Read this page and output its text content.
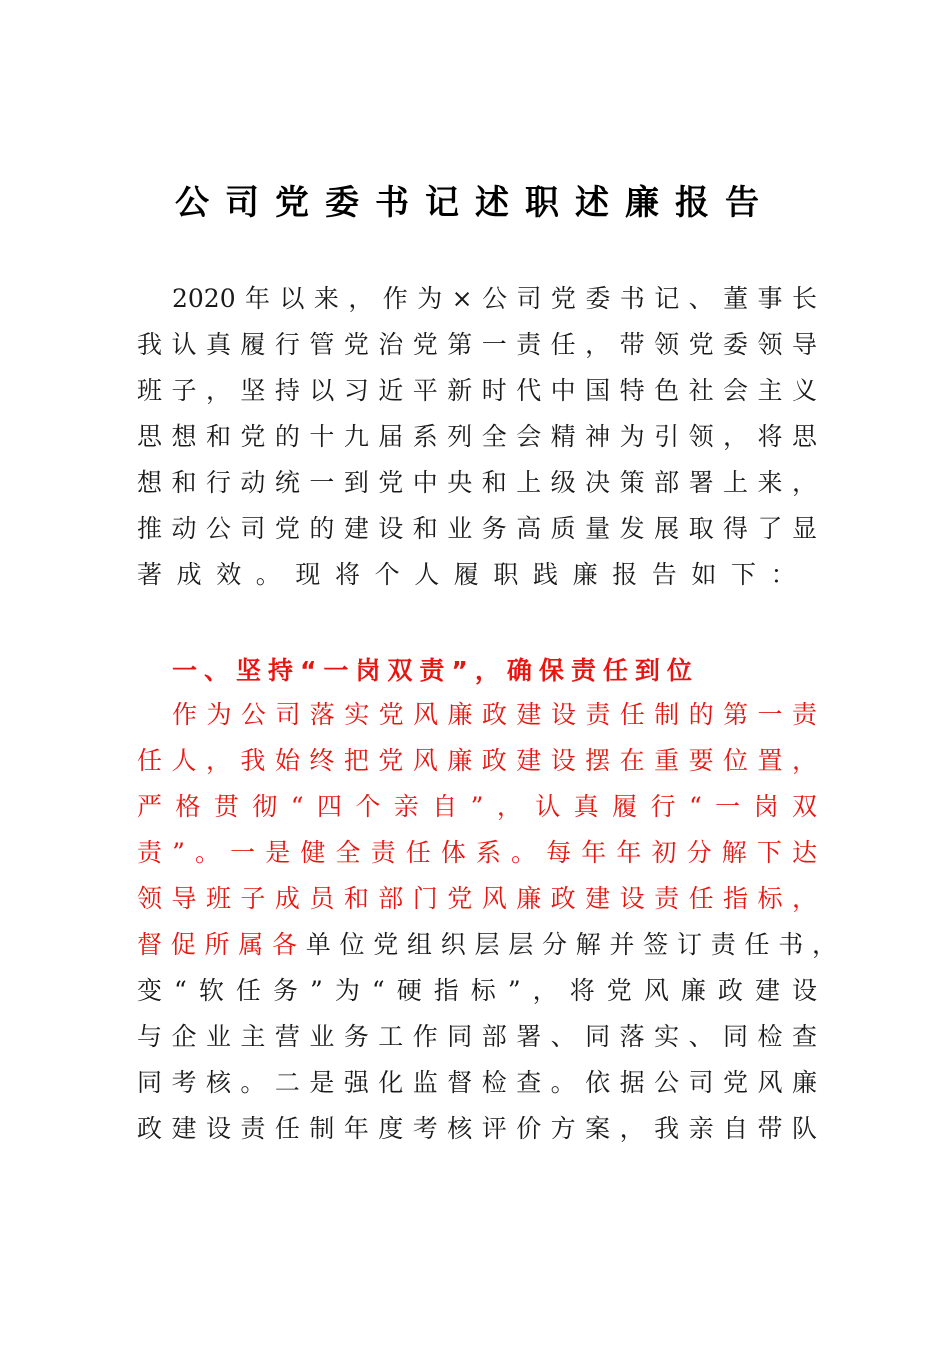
公司党委书记述职述廉报告
2020年以来，作为×公司党委书记、董事长
我认真履行管党治党第一责任，带领党委领导
班子，坚持以习近平新时代中国特色社会主义
思想和党的十九届系列全会精神为引领，将思
想和行动统一到党中央和上级决策部署上来，
推动公司党的建设和业务高质量发展取得了显
著成效。现将个人履职践廉报告如下：
一、坚持“一岗双责”，确保责任到位
作为公司落实党风廉政建设责任制的第一责
任人，我始终把党风廉政建设摆在重要位置，
严格贯彻“四个亲自”，认真履行“一岗双
责”。一是健全责任体系。每年年初分解下达
领导班子成员和部门党风廉政建设责任指标，
督促所属各单位党组织层层分解并签订责任书，
变“软任务”为“硬指标”，将党风廉政建设
与企业主营业务工作同部署、同落实、同检查
同考核。二是强化监督检查。依据公司党风廉
政建设责任制年度考核评价方案，我亲自带队
